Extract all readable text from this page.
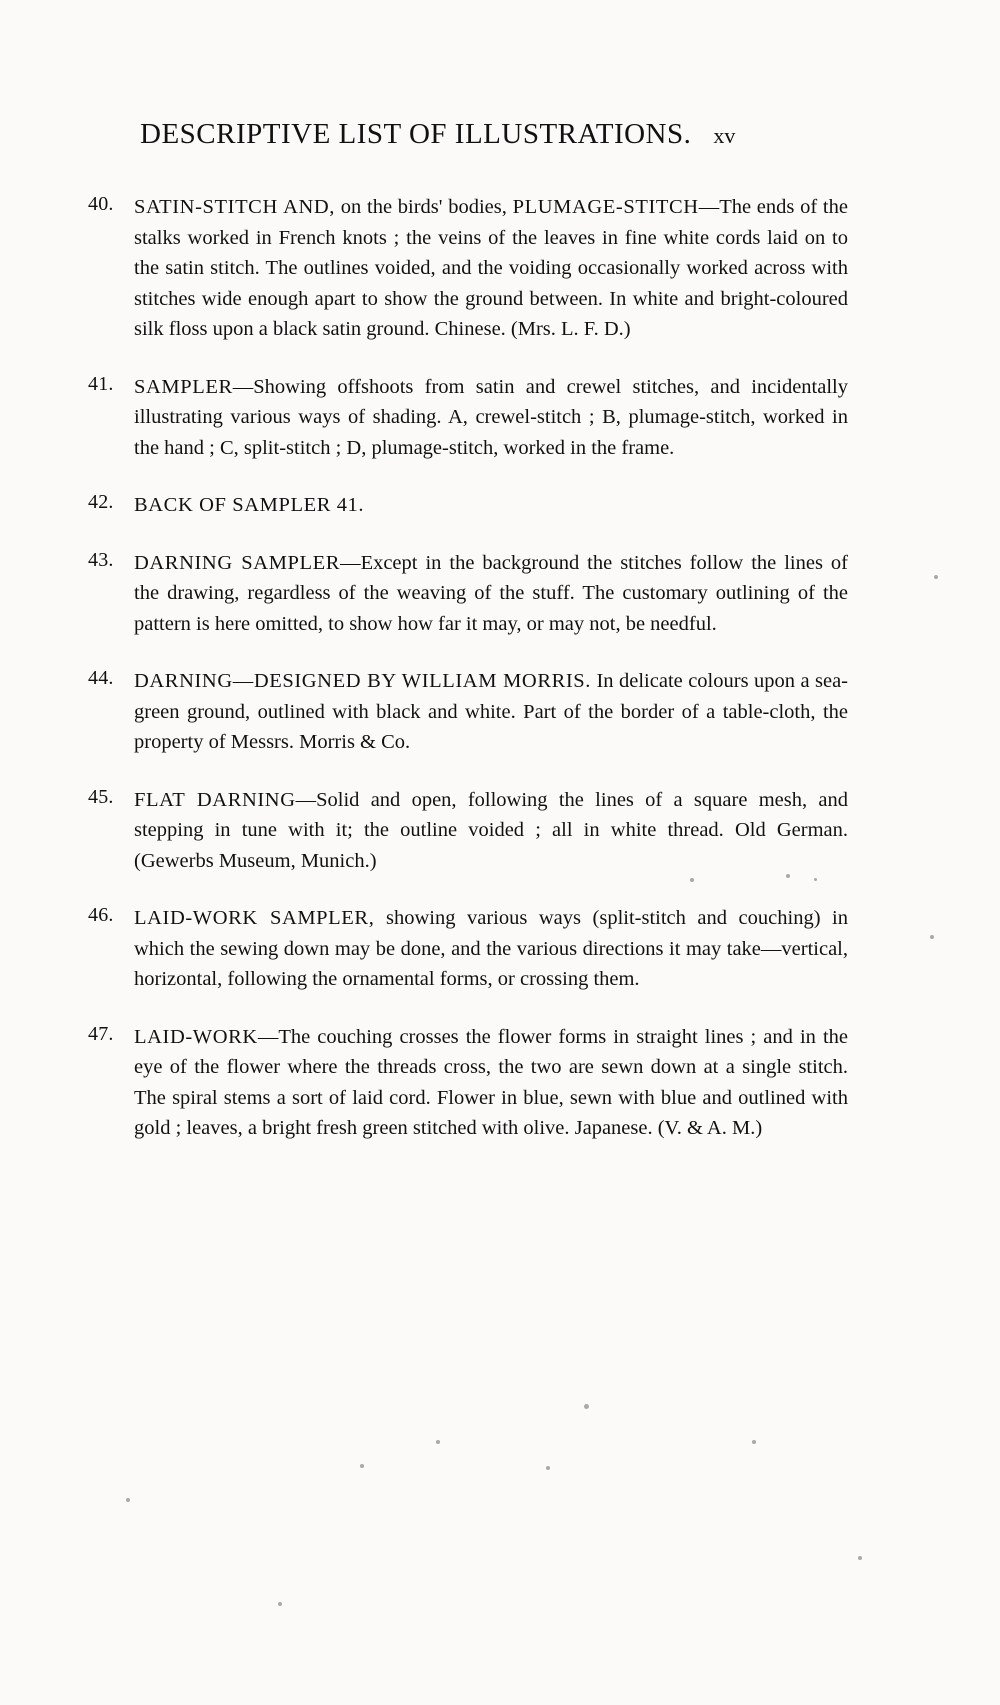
DESCRIPTIVE LIST OF ILLUSTRATIONS. xv
40. SATIN-STITCH AND, on the birds' bodies, PLUMAGE-STITCH—The ends of the stalks worked in French knots ; the veins of the leaves in fine white cords laid on to the satin stitch. The outlines voided, and the voiding occasionally worked across with stitches wide enough apart to show the ground between. In white and bright-coloured silk floss upon a black satin ground. Chinese. (Mrs. L. F. D.)
41. SAMPLER—Showing offshoots from satin and crewel stitches, and incidentally illustrating various ways of shading. A, crewel-stitch ; B, plumage-stitch, worked in the hand ; C, split-stitch ; D, plumage-stitch, worked in the frame.
42. BACK OF SAMPLER 41.
43. DARNING SAMPLER—Except in the background the stitches follow the lines of the drawing, regardless of the weaving of the stuff. The customary outlining of the pattern is here omitted, to show how far it may, or may not, be needful.
44. DARNING—DESIGNED BY WILLIAM MORRIS. In delicate colours upon a sea-green ground, outlined with black and white. Part of the border of a table-cloth, the property of Messrs. Morris & Co.
45. FLAT DARNING—Solid and open, following the lines of a square mesh, and stepping in tune with it; the outline voided ; all in white thread. Old German. (Gewerbs Museum, Munich.)
46. LAID-WORK SAMPLER, showing various ways (split-stitch and couching) in which the sewing down may be done, and the various directions it may take—vertical, horizontal, following the ornamental forms, or crossing them.
47. LAID-WORK—The couching crosses the flower forms in straight lines ; and in the eye of the flower where the threads cross, the two are sewn down at a single stitch. The spiral stems a sort of laid cord. Flower in blue, sewn with blue and outlined with gold ; leaves, a bright fresh green stitched with olive. Japanese. (V. & A. M.)
